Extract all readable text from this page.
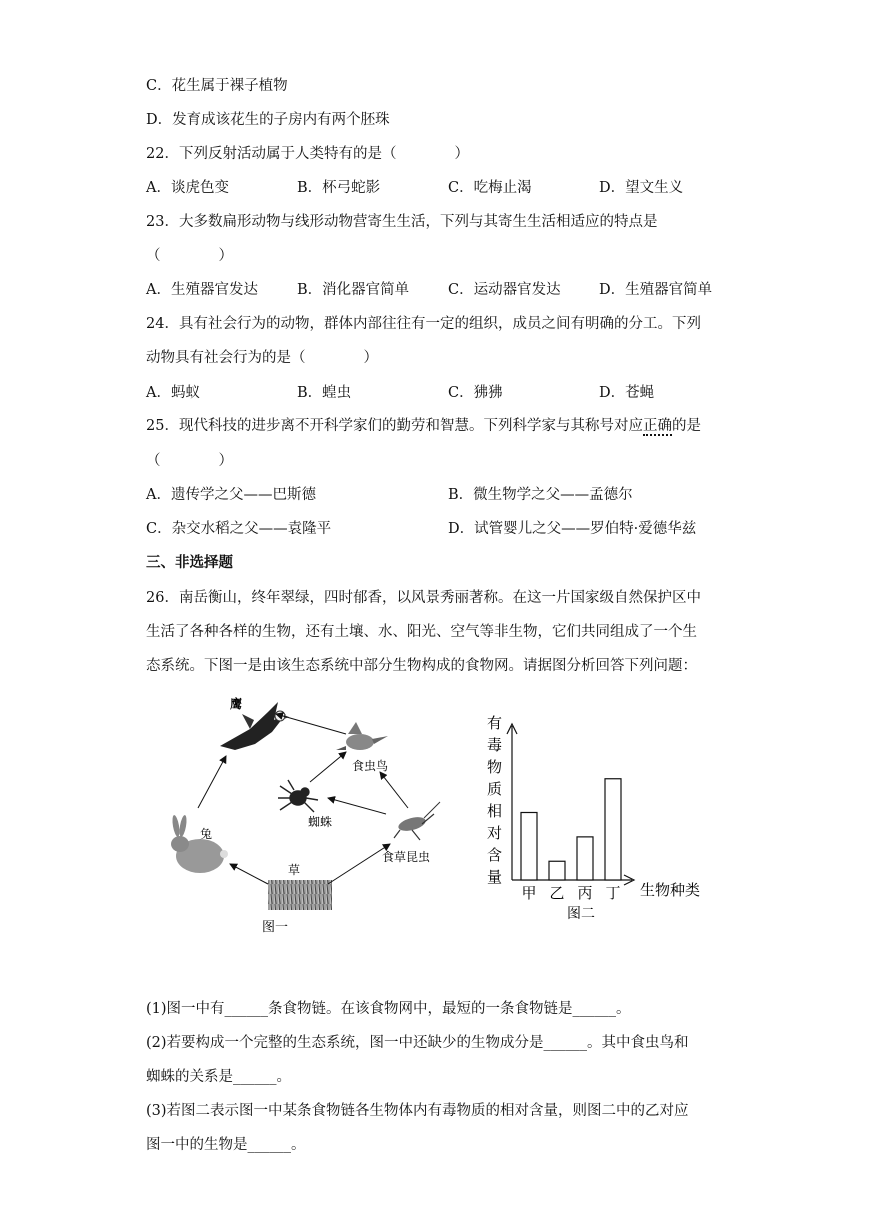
C．花生属于裸子植物
D．发育成该花生的子房内有两个胚珠
22．下列反射活动属于人类特有的是（　　　　）
A．谈虎色变	B．杯弓蛇影	C．吃梅止渴	D．望文生义
23．大多数扁形动物与线形动物营寄生生活，下列与其寄生生活相适应的特点是
（　　　　）
A．生殖器官发达	B．消化器官简单	C．运动器官发达	D．生殖器官简单
24．具有社会行为的动物，群体内部往往有一定的组织，成员之间有明确的分工。下列
动物具有社会行为的是（　　　　）
A．蚂蚁	B．蝗虫	C．狒狒	D．苍蝇
25．现代科技的进步离不开科学家们的勤劳和智慧。下列科学家与其称号对应正确的是
（　　　　）
A．遗传学之父——巴斯德	B．微生物学之父——孟德尔
C．杂交水稻之父——袁隆平	D．试管婴儿之父——罗伯特·爱德华兹
三、非选择题
26．南岳衡山，终年翠绿，四时郁香，以风景秀丽著称。在这一片国家级自然保护区中
生活了各种各样的生物，还有土壤、水、阳光、空气等非生物，它们共同组成了一个生
态系统。下图一是由该生态系统中部分生物构成的食物网。请据图分析回答下列问题：
鹰
食虫鸟
蜘蛛
食草昆虫
兔
草
图一
有
毒
物
质
相
对
含
量
甲 乙 丙 丁 生物种类
图二
(1)图一中有______条食物链。在该食物网中，最短的一条食物链是______。
(2)若要构成一个完整的生态系统，图一中还缺少的生物成分是______。其中食虫鸟和
蜘蛛的关系是______。
(3)若图二表示图一中某条食物链各生物体内有毒物质的相对含量，则图二中的乙对应
图一中的生物是______。
